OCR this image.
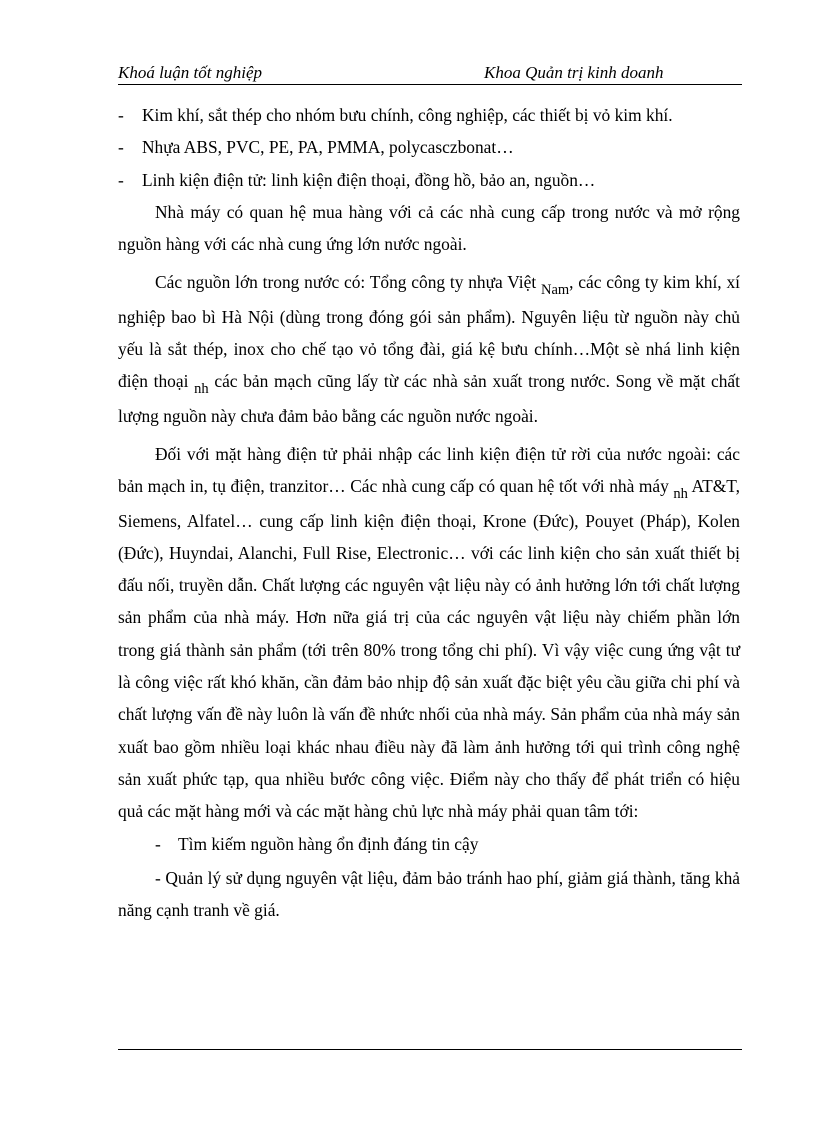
Khoá luận tốt nghiệp	Khoa Quản trị kinh doanh

- Kim khí, sắt thép cho nhóm bưu chính, công nghiệp, các thiết bị vỏ kim khí.

- Nhựa ABS, PVC, PE, PA, PMMA, polycasczbonat…

- Linh kiện điện tử: linh kiện điện thoại, đồng hồ, bảo an, nguồn…

Nhà máy có quan hệ mua hàng với cả các nhà cung cấp trong nước và mở rộng nguồn hàng với các nhà cung ứng lớn nước ngoài.

Các nguồn lớn trong nước có: Tổng công ty nhựa Việt $_{Nam}$, các công ty kim khí, xí nghiệp bao bì Hà Nội (dùng trong đóng gói sản phẩm). Nguyên liệu từ nguồn này chủ yếu là sắt thép, inox cho chế tạo vỏ tổng đài, giá kệ bưu chính…Một sè nhá linh kiện điện thoại $_{nh}$ các bản mạch cũng lấy từ các nhà sản xuất trong nước. Song về mặt chất lượng nguồn này chưa đảm bảo bằng các nguồn nước ngoài.

Đối với mặt hàng điện tử phải nhập các linh kiện điện tử rời của nước ngoài: các bản mạch in, tụ điện, tranzitor… Các nhà cung cấp có quan hệ tốt với nhà máy $_{nh}$ AT&T, Siemens, Alfatel… cung cấp linh kiện điện thoại, Krone (Đức), Pouyet (Pháp), Kolen (Đức), Huyndai, Alanchi, Full Rise, Electronic… với các linh kiện cho sản xuất thiết bị đấu nối, truyền dẫn. Chất lượng các nguyên vật liệu này có ảnh hưởng lớn tới chất lượng sản phẩm của nhà máy. Hơn nữa giá trị của các nguyên vật liệu này chiếm phần lớn trong giá thành sản phẩm (tới trên 80% trong tổng chi phí). Vì vậy việc cung ứng vật tư là công việc rất khó khăn, cần đảm bảo nhịp độ sản xuất đặc biệt yêu cầu giữa chi phí và chất lượng vấn đề này luôn là vấn đề nhức nhối của nhà máy. Sản phẩm của nhà máy sản xuất bao gồm nhiều loại khác nhau điều này đã làm ảnh hưởng tới qui trình công nghệ sản xuất phức tạp, qua nhiều bước công việc. Điểm này cho thấy để phát triển có hiệu quả các mặt hàng mới và các mặt hàng chủ lực nhà máy phải quan tâm tới:

- Tìm kiếm nguồn hàng ổn định đáng tin cậy

- Quản lý sử dụng nguyên vật liệu, đảm bảo tránh hao phí, giảm giá thành, tăng khả năng cạnh tranh về giá.
